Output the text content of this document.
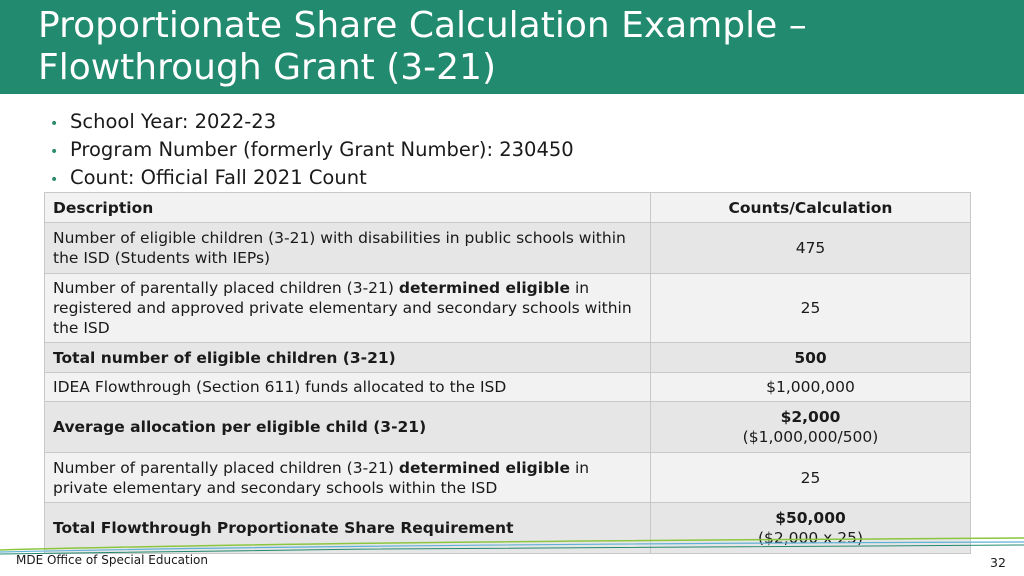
Proportionate Share Calculation Example – Flowthrough Grant (3-21)
• School Year: 2022-23
• Program Number (formerly Grant Number): 230450
• Count: Official Fall 2021 Count
Description	Counts/Calculation
Number of eligible children (3-21) with disabilities in public schools within the ISD (Students with IEPs)	475
Number of parentally placed children (3-21) determined eligible in registered and approved private elementary and secondary schools within the ISD	25
Total number of eligible children (3-21)	500
IDEA Flowthrough (Section 611) funds allocated to the ISD	$1,000,000
Average allocation per eligible child (3-21)	$2,000
($1,000,000/500)

Number of parentally placed children (3-21) determined eligible in private elementary and secondary schools within the ISD	25
Total Flowthrough Proportionate Share Requirement	$50,000
($2,000 x 25)
MDE Office of Special Education	32
